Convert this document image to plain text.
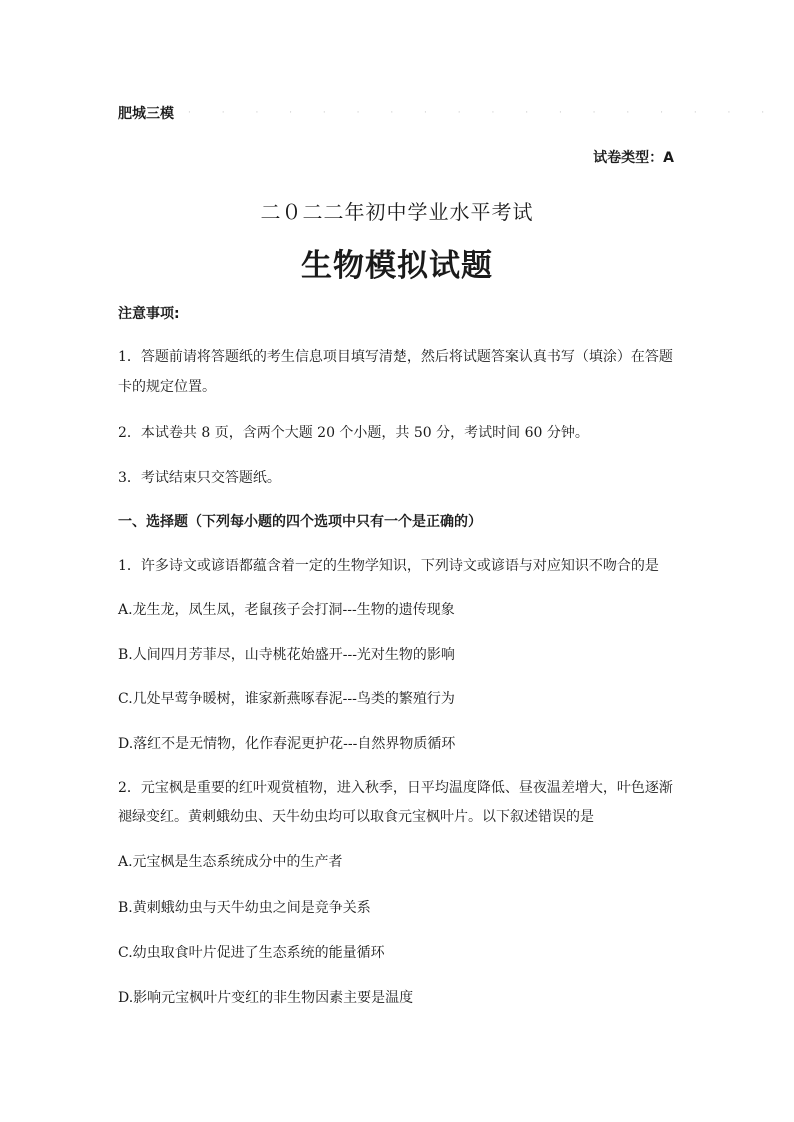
肥城三模 · · · · · · · · · · · · · · · · · ·
试卷类型：A
二０二二年初中学业水平考试
生物模拟试题
注意事项:
1．答题前请将答题纸的考生信息项目填写清楚，然后将试题答案认真书写（填涂）在答题
卡的规定位置。
2．本试卷共 8 页，含两个大题 20 个小题，共 50 分，考试时间 60 分钟。
3．考试结束只交答题纸。
一、选择题（下列每小题的四个选项中只有一个是正确的）
1．许多诗文或谚语都蕴含着一定的生物学知识，下列诗文或谚语与对应知识不吻合的是
A.龙生龙，凤生凤，老鼠孩子会打洞---生物的遗传现象
B.人间四月芳菲尽，山寺桃花始盛开---光对生物的影响
C.几处早莺争暖树，谁家新燕啄春泥---鸟类的繁殖行为
D.落红不是无情物，化作春泥更护花---自然界物质循环
2．元宝枫是重要的红叶观赏植物，进入秋季，日平均温度降低、昼夜温差增大，叶色逐渐
褪绿变红。黄刺蛾幼虫、天牛幼虫均可以取食元宝枫叶片。以下叙述错误的是
A.元宝枫是生态系统成分中的生产者
B.黄刺蛾幼虫与天牛幼虫之间是竞争关系
C.幼虫取食叶片促进了生态系统的能量循环
D.影响元宝枫叶片变红的非生物因素主要是温度
